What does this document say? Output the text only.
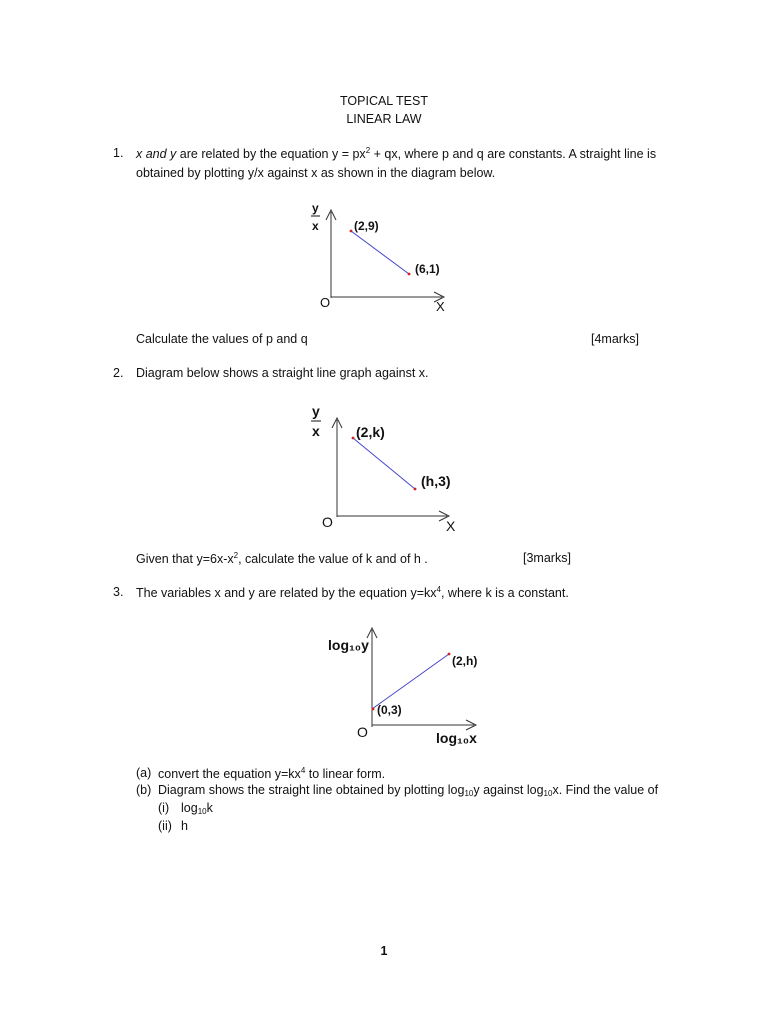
TOPICAL TEST
LINEAR LAW
1. x and y are related by the equation $y = px^2$ + qx, where p and q are constants. A straight line is
obtained by plotting y/x against x as shown in the diagram below.
y
x	(2,9)
(6,1)
O	X
Calculate the values of p and q	[4marks]
2. Diagram below shows a straight line graph against x.
y
x	(2,k)
(h,3)
O	X
Given that $y=6x-x^2$, calculate the value of k and of h .	[3marks]
3. The variables x and y are related by the equation $y=kx^4$, where k is a constant.
log₁₀y
(2,h)
(0,3)
O	log₁₀x
(a) convert the equation $y=kx^4$ to linear form.
(b) Diagram shows the straight line obtained by plotting $\log_{10}y$ against $\log_{10}x$. Find the value of
(i) $\log_{10}k$
(ii) h
1
